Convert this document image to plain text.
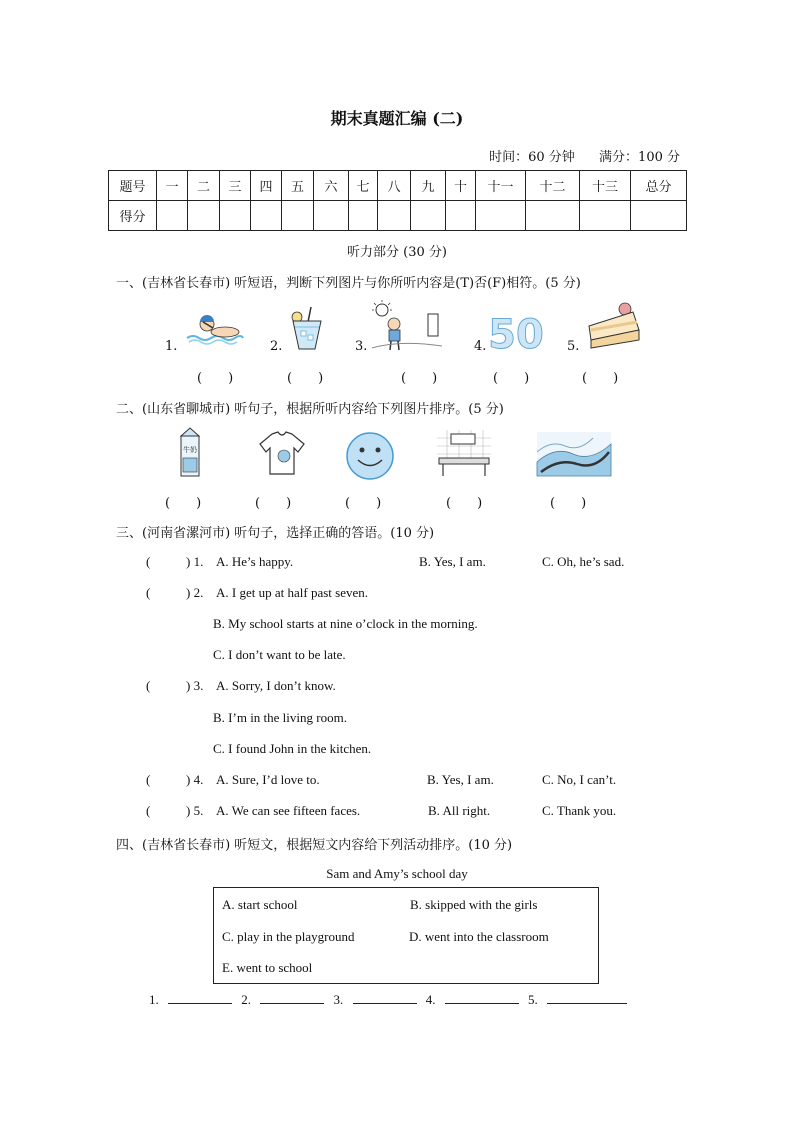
期末真题汇编 (二)
时间：60 分钟 满分：100 分
题号	一	二	三	四	五	六	七	八	九	十	十一	十二	十三	总分
得分														
听力部分 (30 分)
一、(吉林省长春市) 听短语，判断下列图片与你所听内容是(T)否(F)相符。(5 分)
1.	2.	3.	4. 50 5.
(　　)	(　　)	(　　)	(　　)	(　　)
二、(山东省聊城市) 听句子，根据所听内容给下列图片排序。(5 分)
牛奶
(　　)	(　　)	(　　)	(　　)	(　　)
三、(河南省漯河市) 听句子，选择正确的答语。(10 分)
(	) 1. A. He’s happy.	B. Yes, I am.	C. Oh, he’s sad.
(	) 2. A. I get up at half past seven.
B. My school starts at nine o’clock in the morning.
C. I don’t want to be late.
(	) 3. A. Sorry, I don’t know.
B. I’m in the living room.
C. I found John in the kitchen.
(	) 4. A. Sure, I’d love to.	B. Yes, I am.	C. No, I can’t.
(	) 5. A. We can see fifteen faces.	B. All right.	C. Thank you.
四、(吉林省长春市) 听短文，根据短文内容给下列活动排序。(10 分)
Sam and Amy’s school day
A. start school	B. skipped with the girls
C. play in the playground	D. went into the classroom
E. went to school
1.	2.	3.	4.	5.
